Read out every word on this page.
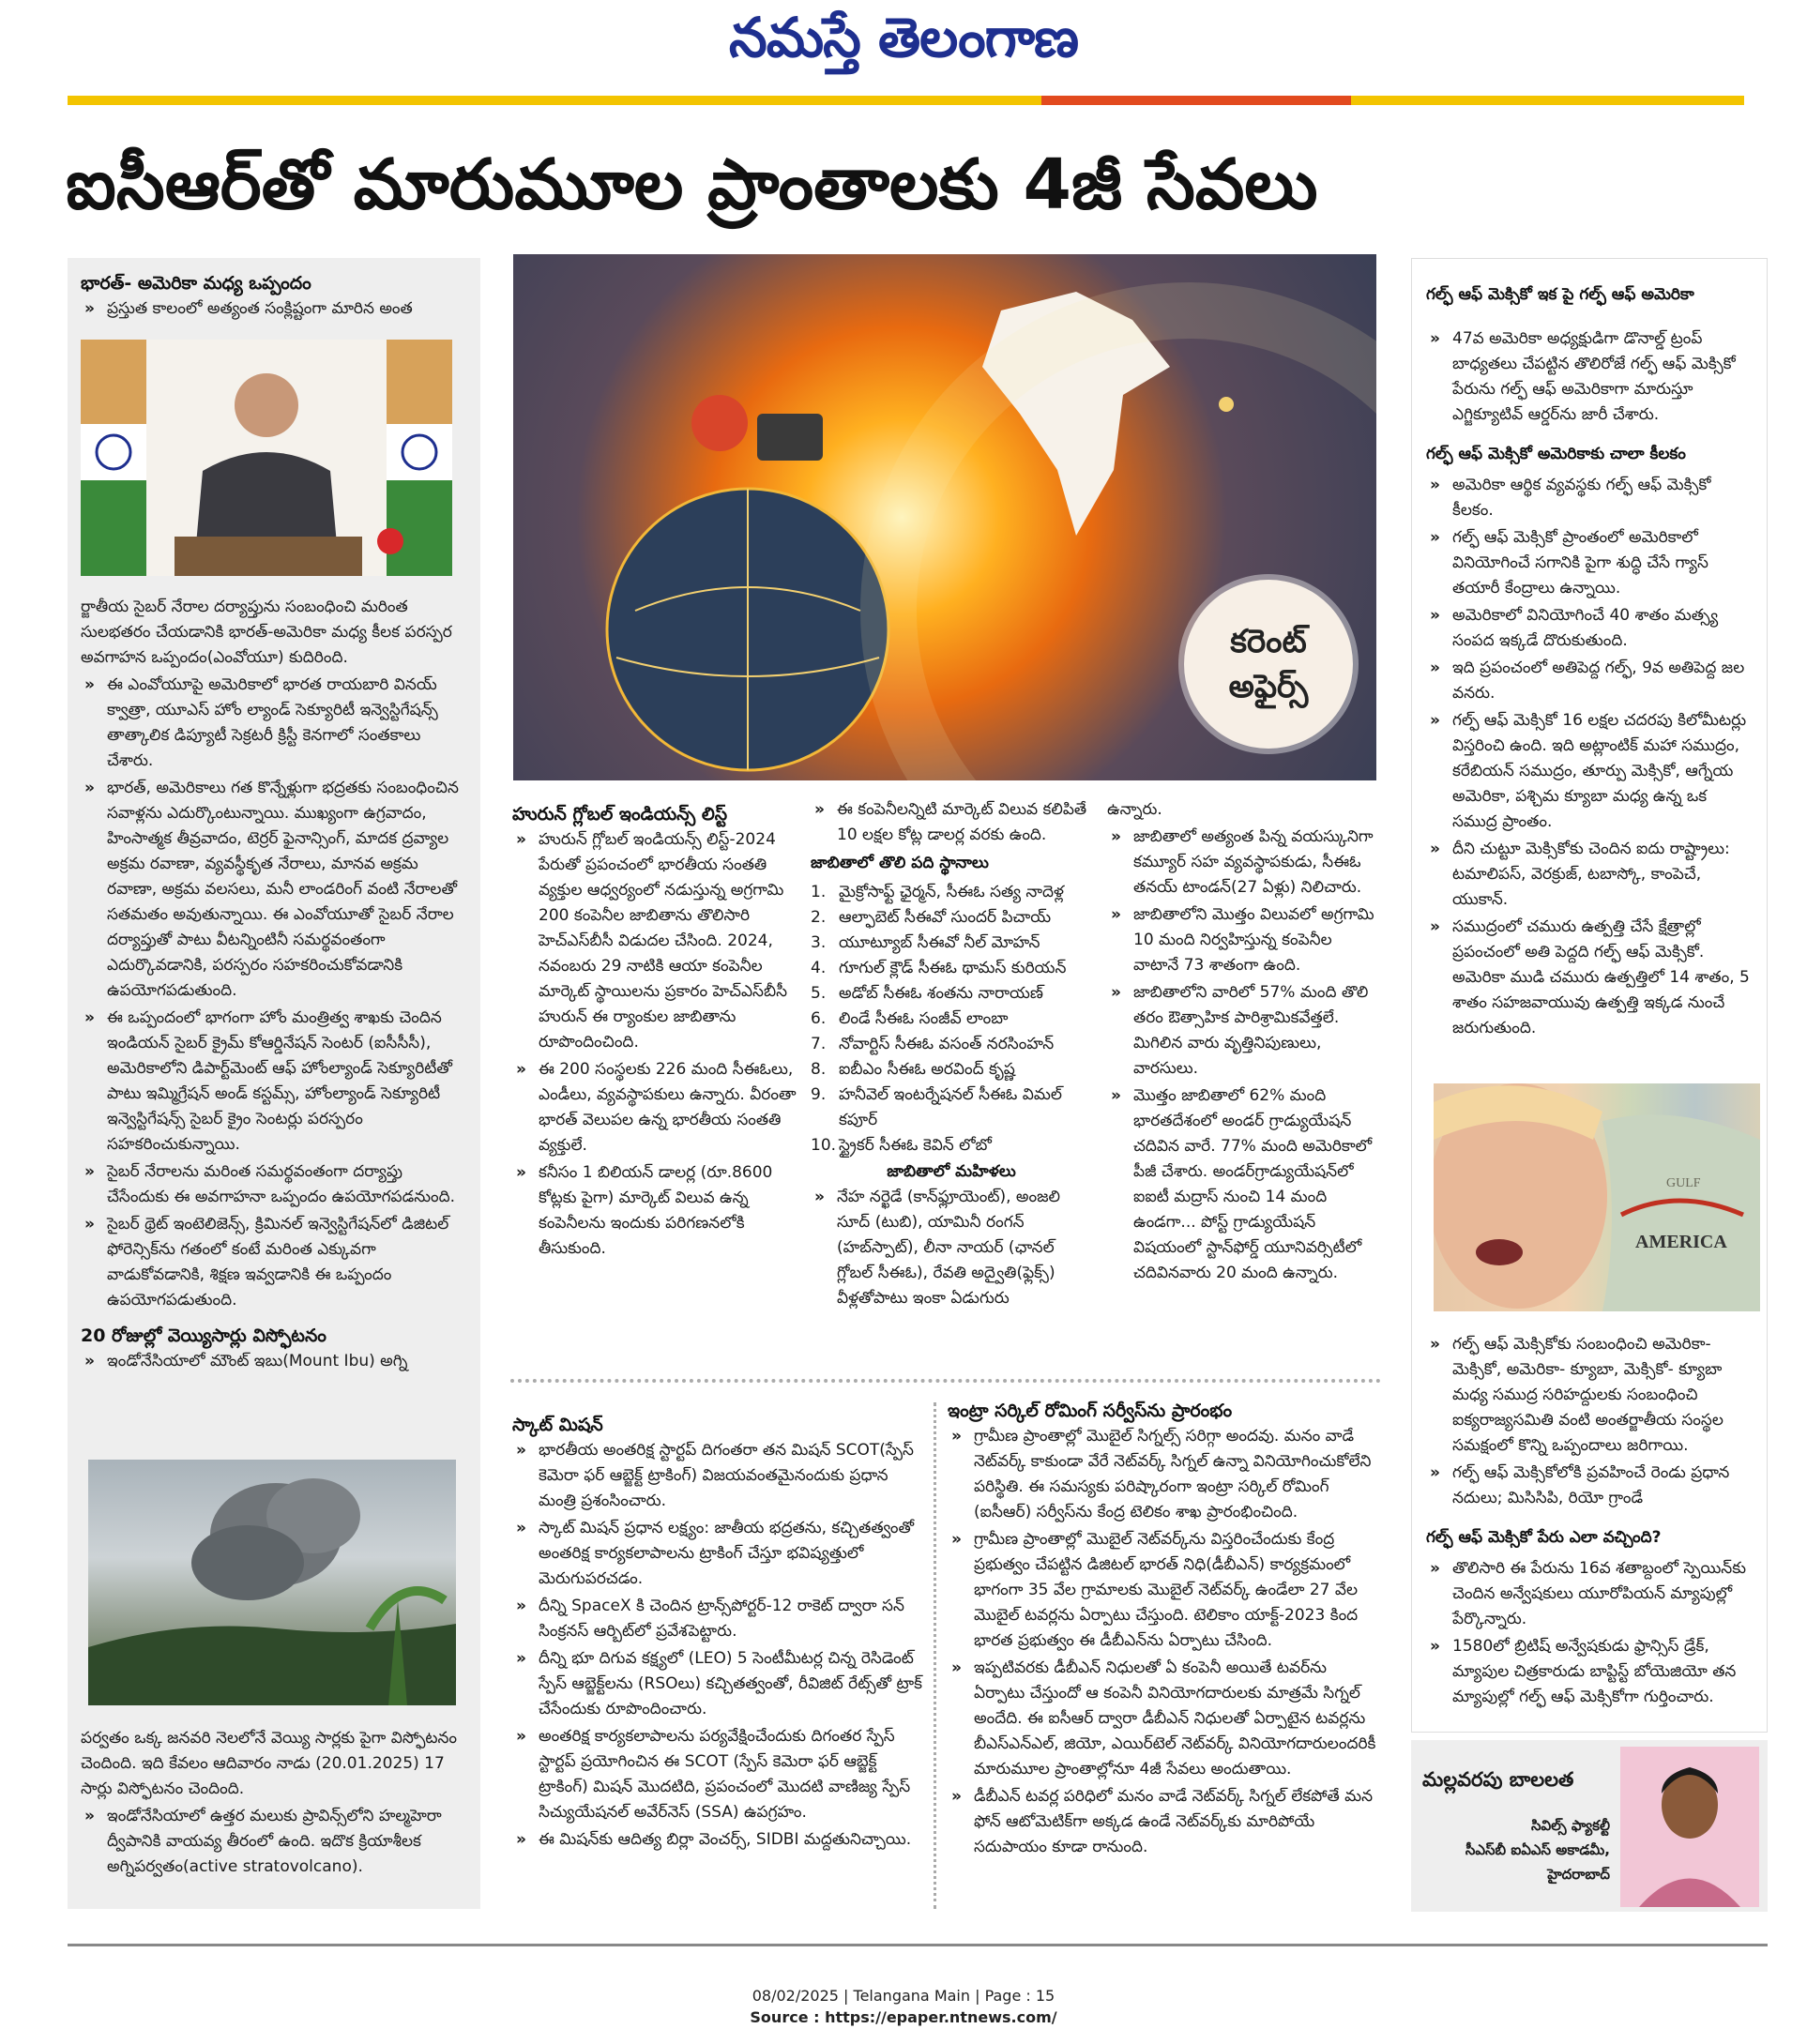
నమస్తే తెలంగాణ
ఐసీఆర్‌తో మారుమూల ప్రాంతాలకు 4జీ సేవలు
భారత్‌- అమెరికా మధ్య ఒప్పందం
» ప్రస్తుత కాలంలో అత్యంత సంక్లిష్టంగా మారిన అంత

ర్జాతీయ సైబర్ నేరాల దర్యాప్తును సంబంధించి మరింత సులభతరం చేయడానికి భారత్‌-అమెరికా మధ్య కీలక పరస్పర అవగాహన ఒప్పందం(ఎంవోయూ) కుదిరింది.

» ఈ ఎంవోయూపై అమెరికాలో భారత రాయబారి వినయ్ క్వాత్రా, యూఎస్ హోం ల్యాండ్ సెక్యూరిటీ ఇన్వెస్టిగేషన్స్ తాత్కాలిక డిప్యూటీ సెక్రటరీ క్రిస్టీ కెనగాలో సంతకాలు చేశారు.
» భారత్, అమెరికాలు గత కొన్నేళ్లుగా భద్రతకు సంబంధించిన సవాళ్లను ఎదుర్కొంటున్నాయి. ముఖ్యంగా ఉగ్రవాదం, హింసాత్మక తీవ్రవాదం, టెర్రర్ ఫైనాన్సింగ్, మాదక ద్రవ్యాల అక్రమ రవాణా, వ్యవస్థీకృత నేరాలు, మానవ అక్రమ రవాణా, అక్రమ వలసలు, మనీ లాండరింగ్ వంటి నేరాలతో సతమతం అవుతున్నాయి. ఈ ఎంవోయూతో సైబర్ నేరాల దర్యాప్తుతో పాటు వీటన్నింటినీ సమర్థవంతంగా ఎదుర్కొవడానికి, పరస్పరం సహకరించుకోవడానికి ఉపయోగపడుతుంది.
» ఈ ఒప్పందంలో భాగంగా హోం మంత్రిత్వ శాఖకు చెందిన ఇండియన్ సైబర్ క్రైమ్ కోఆర్డినేషన్ సెంటర్ (ఐసీసీసీ), అమెరికాలోని డిపార్ట్‌మెంట్ ఆఫ్ హోంల్యాండ్ సెక్యూరిటీతో పాటు ఇమ్మిగ్రేషన్ అండ్ కస్టమ్స్, హోంల్యాండ్ సెక్యూరిటీ ఇన్వెస్టిగేషన్స్ సైబర్ క్రైం సెంటర్లు పరస్పరం సహకరించుకున్నాయి.
» సైబర్ నేరాలను మరింత సమర్థవంతంగా దర్యాప్తు చేసేందుకు ఈ అవగాహనా ఒప్పందం ఉపయోగపడనుంది.
» సైబర్ థ్రెట్ ఇంటెలిజెన్స్, క్రిమినల్ ఇన్వెస్టిగేషన్‌లో డిజిటల్ ఫోరెన్సిక్‌ను గతంలో కంటే మరింత ఎక్కువగా వాడుకోవడానికి, శిక్షణ ఇవ్వడానికి ఈ ఒప్పందం ఉపయోగపడుతుంది.
20 రోజుల్లో వెయ్యిసార్లు విస్ఫోటనం
» ఇండోనేసియాలో మౌంట్ ఇబు(Mount Ibu) అగ్ని

పర్వతం ఒక్క జనవరి నెలలోనే వెయ్యి సార్లకు పైగా విస్ఫోటనం చెందింది. ఇది కేవలం ఆదివారం నాడు (20.01.2025) 17 సార్లు విస్ఫోటనం చెందింది.

» ఇండోనేసియాలో ఉత్తర మలుకు ప్రావిన్స్‌లోని హల్మహెరా ద్వీపానికి వాయవ్య తీరంలో ఉంది. ఇదొక క్రియాశీలక అగ్నిపర్వతం(active stratovolcano).
కరెంట్ అఫైర్స్
హురున్ గ్లోబల్ ఇండియన్స్ లిస్ట్
» హురున్ గ్లోబల్ ఇండియన్స్ లిస్ట్‌-2024 పేరుతో ప్రపంచంలో భారతీయ సంతతి వ్యక్తుల ఆధ్వర్యంలో నడుస్తున్న అగ్రగామి 200 కంపెనీల జాబితాను తొలిసారి హెచ్ఎస్‌బీసీ విడుదల చేసింది. 2024, నవంబరు 29 నాటికి ఆయా కంపెనీల మార్కెట్ స్థాయిలను ప్రకారం హెచ్ఎస్‌బీసీ హురున్ ఈ ర్యాంకుల జాబితాను రూపొందించింది.
» ఈ 200 సంస్థలకు 226 మంది సీఈఓలు, ఎండీలు, వ్యవస్థాపకులు ఉన్నారు. వీరంతా భారత్ వెలుపల ఉన్న భారతీయ సంతతి వ్యక్తులే.
» కనీసం 1 బిలియన్ డాలర్ల (రూ.8600 కోట్లకు పైగా) మార్కెట్ విలువ ఉన్న కంపెనీలను ఇందుకు పరిగణనలోకి తీసుకుంది.
» ఈ కంపెనీలన్నిటి మార్కెట్ విలువ కలిపితే 10 లక్షల కోట్ల డాలర్ల వరకు ఉంది.
జాబితాలో తొలి పది స్థానాలు
1. మైక్రోసాఫ్ట్ ఛైర్మన్, సీఈఓ సత్య నాదెళ్ల
2. ఆల్ఫాబెట్ సీఈవో సుందర్ పిచాయ్
3. యూట్యూబ్ సీఈవో నీల్ మోహన్
4. గూగుల్ క్లౌడ్ సీఈఓ థామస్ కురియన్
5. అడోబ్ సీఈఓ శంతను నారాయణ్
6. లిండే సీఈఓ సంజీవ్ లాంబా
7. నోవార్టిస్ సీఈఓ వసంత్ నరసింహన్
8. ఐబీఎం సీఈఓ అరవింద్ కృష్ణ
9. హనీవెల్ ఇంటర్నేషనల్ సీఈఓ విమల్ కపూర్
10. స్ట్రైకర్ సీఈఓ కెవిన్ లోబో
జాబితాలో మహిళలు
» నేహ నర్ఖెడే (కాన్‌ఫ్లూయెంట్), అంజలి సూద్ (టుబి), యామినీ రంగన్ (హబ్‌స్పాట్), లీనా నాయర్ (ఛానల్ గ్లోబల్ సీఈఓ), రేవతి అద్వైతి(ఫ్లెక్స్) వీళ్లతోపాటు ఇంకా ఏడుగురు

ఉన్నారు.

» జాబితాలో అత్యంత పిన్న వయస్కునిగా కమ్యూర్ సహ వ్యవస్థాపకుడు, సీఈఓ తనయ్ టాండన్(27 ఏళ్లు) నిలిచారు.
» జాబితాలోని మొత్తం విలువలో అగ్రగామి 10 మంది నిర్వహిస్తున్న కంపెనీల వాటానే 73 శాతంగా ఉంది.
» జాబితాలోని వారిలో 57% మంది తొలి తరం ఔత్సాహిక పారిశ్రామికవేత్తలే. మిగిలిన వారు వృత్తినిపుణులు, వారసులు.
» మొత్తం జాబితాలో 62% మంది భారతదేశంలో అండర్ గ్రాడ్యుయేషన్ చదివిన వారే. 77% మంది అమెరికాలో పీజీ చేశారు. అండర్‌గ్రాడ్యుయేషన్‌లో ఐఐటీ మద్రాస్ నుంచి 14 మంది ఉండగా... పోస్ట్ గ్రాడ్యుయేషన్ విషయంలో స్టాన్‌ఫోర్డ్ యూనివర్సిటీలో చదివినవారు 20 మంది ఉన్నారు.
స్కాట్ మిషన్
» భారతీయ అంతరిక్ష స్టార్టప్ దిగంతరా తన మిషన్ SCOT(స్పేస్ కెమెరా ఫర్ ఆబ్జెక్ట్ ట్రాకింగ్) విజయవంతమైనందుకు ప్రధాన మంత్రి ప్రశంసించారు.
» స్కాట్ మిషన్ ప్రధాన లక్ష్యం: జాతీయ భద్రతను, కచ్చితత్వంతో అంతరిక్ష కార్యకలాపాలను ట్రాకింగ్ చేస్తూ భవిష్యత్తులో మెరుగుపరచడం.
» దీన్ని SpaceX కి చెందిన ట్రాన్స్‌పోర్టర్‌-12 రాకెట్ ద్వారా సన్ సింక్రనస్ ఆర్బిట్‌లో ప్రవేశపెట్టారు.
» దీన్ని భూ దిగువ కక్ష్యలో (LEO) 5 సెంటీమీటర్ల చిన్న రెసిడెంట్ స్పేస్ ఆబ్జెక్ట్‌లను (RSOలు) కచ్చితత్వంతో, రీవిజిట్ రేట్స్‌తో ట్రాక్ చేసేందుకు రూపొందించారు.
» అంతరిక్ష కార్యకలాపాలను పర్యవేక్షించేందుకు దిగంతర స్పేస్ స్టార్టప్ ప్రయోగించిన ఈ SCOT (స్పేస్ కెమెరా ఫర్ ఆబ్జెక్ట్ ట్రాకింగ్) మిషన్ మొదటిది, ప్రపంచంలో మొదటి వాణిజ్య స్పేస్ సిచ్యుయేషనల్ అవేర్‌నెస్ (SSA) ఉపగ్రహం.
» ఈ మిషన్‌కు ఆదిత్య బిర్లా వెంచర్స్, SIDBI మద్దతునిచ్చాయి.
ఇంట్రా సర్కిల్ రోమింగ్ సర్వీస్‌ను ప్రారంభం
» గ్రామీణ ప్రాంతాల్లో మొబైల్ సిగ్నల్స్ సరిగ్గా అందవు. మనం వాడే నెట్‌వర్క్ కాకుండా వేరే నెట్‌వర్క్ సిగ్నల్ ఉన్నా వినియోగించుకోలేని పరిస్థితి. ఈ సమస్యకు పరిష్కారంగా ఇంట్రా సర్కిల్ రోమింగ్ (ఐసీఆర్) సర్వీస్‌ను కేంద్ర టెలికం శాఖ ప్రారంభించింది.
» గ్రామీణ ప్రాంతాల్లో మొబైల్ నెట్‌వర్క్‌ను విస్తరించేందుకు కేంద్ర ప్రభుత్వం చేపట్టిన డిజిటల్ భారత్ నిధి(డీబీఎన్) కార్యక్రమంలో భాగంగా 35 వేల గ్రామాలకు మొబైల్ నెట్‌వర్క్ ఉండేలా 27 వేల మొబైల్ టవర్లను ఏర్పాటు చేస్తుంది. టెలికాం యాక్ట్‌-2023 కింద భారత ప్రభుత్వం ఈ డీబీఎన్‌ను ఏర్పాటు చేసింది.
» ఇప్పటివరకు డీబీఎన్ నిధులతో ఏ కంపెనీ అయితే టవర్‌ను ఏర్పాటు చేస్తుందో ఆ కంపెనీ వినియోగదారులకు మాత్రమే సిగ్నల్ అందేది. ఈ ఐసీఆర్ ద్వారా డీబీఎన్ నిధులతో ఏర్పాటైన టవర్లను బీఎస్ఎన్ఎల్, జియో, ఎయిర్‌టెల్ నెట్‌వర్క్ వినియోగదారులందరికీ మారుమూల ప్రాంతాల్లోనూ 4జీ సేవలు అందుతాయి.
» డీబీఎన్ టవర్ల పరిధిలో మనం వాడే నెట్‌వర్క్ సిగ్నల్ లేకపోతే మన ఫోన్ ఆటోమెటిక్‌గా అక్కడ ఉండే నెట్‌వర్క్‌కు మారిపోయే సదుపాయం కూడా రానుంది.
గల్ఫ్ ఆఫ్ మెక్సికో ఇక పై గల్ఫ్ ఆఫ్ అమెరికా
» 47వ అమెరికా అధ్యక్షుడిగా డొనాల్డ్ ట్రంప్ బాధ్యతలు చేపట్టిన తొలిరోజే గల్ఫ్ ఆఫ్ మెక్సికో పేరును గల్ఫ్ ఆఫ్ అమెరికాగా మారుస్తూ ఎగ్జిక్యూటివ్ ఆర్డర్‌ను జారీ చేశారు.
గల్ఫ్ ఆఫ్ మెక్సికో అమెరికాకు చాలా కీలకం
» అమెరికా ఆర్థిక వ్యవస్థకు గల్ఫ్ ఆఫ్ మెక్సికో కీలకం.
» గల్ఫ్ ఆఫ్ మెక్సికో ప్రాంతంలో అమెరికాలో వినియోగించే సగానికి పైగా శుద్ధి చేసే గ్యాస్ తయారీ కేంద్రాలు ఉన్నాయి.
» అమెరికాలో వినియోగించే 40 శాతం మత్స్య సంపద ఇక్కడే దొరుకుతుంది.
» ఇది ప్రపంచంలో అతిపెద్ద గల్ఫ్, 9వ అతిపెద్ద జల వనరు.
» గల్ఫ్ ఆఫ్ మెక్సికో 16 లక్షల చదరపు కిలోమీటర్లు విస్తరించి ఉంది. ఇది అట్లాంటిక్ మహా సముద్రం, కరేబియన్ సముద్రం, తూర్పు మెక్సికో, ఆగ్నేయ అమెరికా, పశ్చిమ క్యూబా మధ్య ఉన్న ఒక సముద్ర ప్రాంతం.
» దీని చుట్టూ మెక్సికోకు చెందిన ఐదు రాష్ట్రాలు: టమాలిపస్, వెరక్రుజ్, టబాస్కో, కాంపెచే, యుకాన్.
» సముద్రంలో చమురు ఉత్పత్తి చేసే క్షేత్రాల్లో ప్రపంచంలో అతి పెద్దది గల్ఫ్ ఆఫ్ మెక్సికో. అమెరికా ముడి చమురు ఉత్పత్తిలో 14 శాతం, 5 శాతం సహజవాయువు ఉత్పత్తి ఇక్కడ నుంచే జరుగుతుంది.
GULF
AMERICA
» గల్ఫ్ ఆఫ్ మెక్సికోకు సంబంధించి అమెరికా- మెక్సికో, అమెరికా- క్యూబా, మెక్సికో- క్యూబా మధ్య సముద్ర సరిహద్దులకు సంబంధించి ఐక్యరాజ్యసమితి వంటి అంతర్జాతీయ సంస్థల సమక్షంలో కొన్ని ఒప్పందాలు జరిగాయి.
» గల్ఫ్ ఆఫ్ మెక్సికోలోకి ప్రవహించే రెండు ప్రధాన నదులు; మిసిసిపి, రియో గ్రాండే
గల్ఫ్ ఆఫ్ మెక్సికో పేరు ఎలా వచ్చింది?
» తొలిసారి ఈ పేరును 16వ శతాబ్దంలో స్పెయిన్‌కు చెందిన అన్వేషకులు యూరోపియన్ మ్యాపుల్లో పేర్కొన్నారు.
» 1580లో బ్రిటిష్ అన్వేషకుడు ఫ్రాన్సిస్ డ్రేక్, మ్యాపుల చిత్రకారుడు బాప్టిస్ట్ బోయెజియో తన మ్యాపుల్లో గల్ఫ్ ఆఫ్ మెక్సికోగా గుర్తించారు.
మల్లవరపు బాలలత
సివిల్స్ ఫ్యాకల్టీ
సీఎస్‌బీ ఐఏఎస్ అకాడమీ,
హైదరాబాద్
08/02/2025 | Telangana Main | Page : 15
Source : https://epaper.ntnews.com/
